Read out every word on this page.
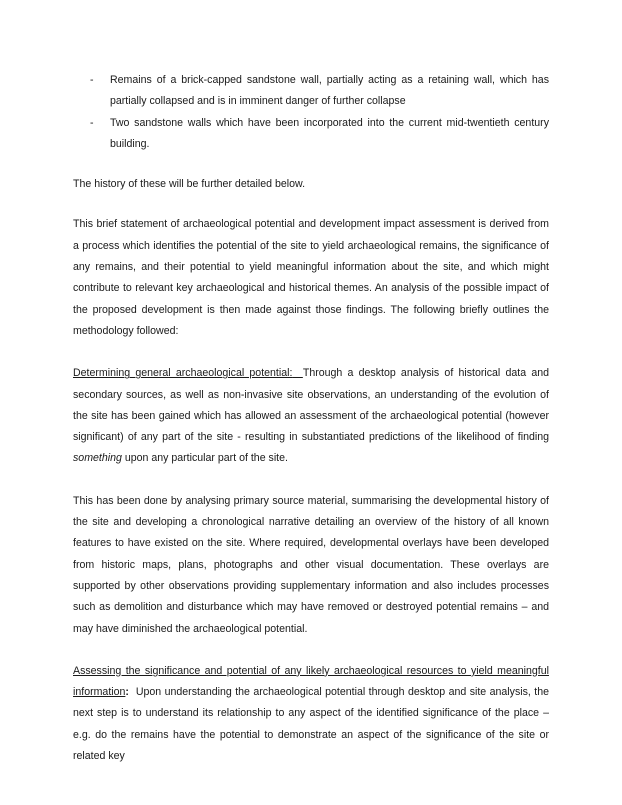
- Remains of a brick-capped sandstone wall, partially acting as a retaining wall, which has partially collapsed and is in imminent danger of further collapse
- Two sandstone walls which have been incorporated into the current mid-twentieth century building.

The history of these will be further detailed below.

This brief statement of archaeological potential and development impact assessment is derived from a process which identifies the potential of the site to yield archaeological remains, the significance of any remains, and their potential to yield meaningful information about the site, and which might contribute to relevant key archaeological and historical themes. An analysis of the possible impact of the proposed development is then made against those findings. The following briefly outlines the methodology followed:

Determining general archaeological potential: Through a desktop analysis of historical data and secondary sources, as well as non-invasive site observations, an understanding of the evolution of the site has been gained which has allowed an assessment of the archaeological potential (however significant) of any part of the site - resulting in substantiated predictions of the likelihood of finding something upon any particular part of the site.

This has been done by analysing primary source material, summarising the developmental history of the site and developing a chronological narrative detailing an overview of the history of all known features to have existed on the site. Where required, developmental overlays have been developed from historic maps, plans, photographs and other visual documentation. These overlays are supported by other observations providing supplementary information and also includes processes such as demolition and disturbance which may have removed or destroyed potential remains – and may have diminished the archaeological potential.

Assessing the significance and potential of any likely archaeological resources to yield meaningful information: Upon understanding the archaeological potential through desktop and site analysis, the next step is to understand its relationship to any aspect of the identified significance of the place – e.g. do the remains have the potential to demonstrate an aspect of the significance of the site or related key
